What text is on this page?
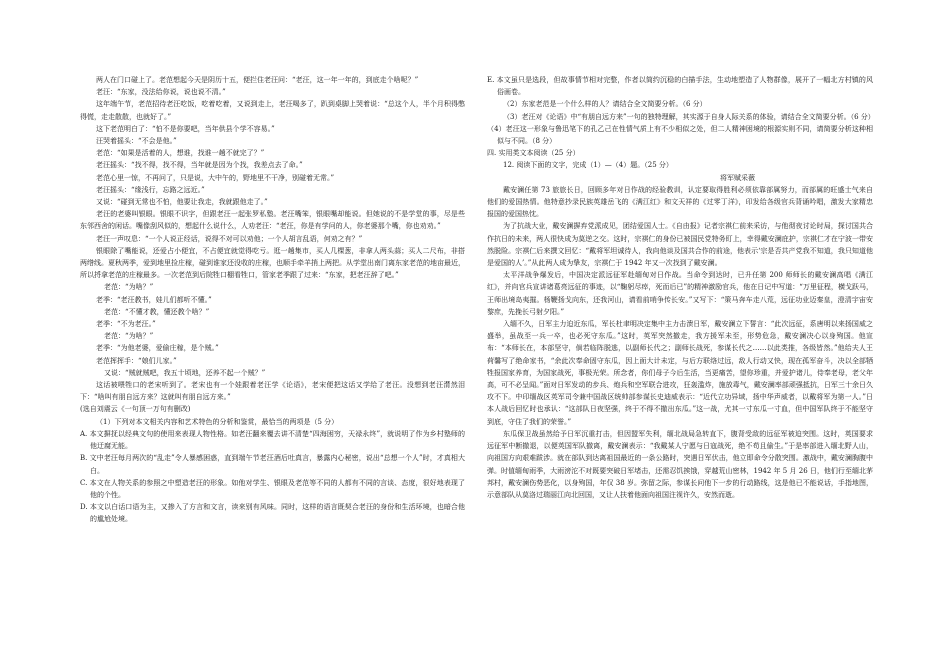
两人在门口碰上了。老范想起今天是阴历十五，便拦住老汪问：“老汪，这一年一年的，到底走个啥呢？”

老汪：“东家，没法给你说，说也说不清。”

这年端午节，老范招待老汪吃饭，吃着吃着，又说到走上，老汪喝多了，趴到桌脚上哭着说：“总这个人，半个月积得憋得慌，走走散散，也就好了。”

这下老范明白了：“怕不是你要吧，当年供县个学不容易。”

汪哭着摇头：“不会是他。”

老范：“如果是活着的人，想谁，找谁一趟不就完了？”

老汪摇头：“找不得，找不得，当年就是因为个找，我差点去了命。”

老范心里一惊，不再问了，只是说，大中午的，野地里不干净，别碰着无常。”

老汪摇头：“缘浅行，忘路之远近。”

又说：“碰到无常也不怕，他要让我走，我就跟他走了。”

老汪的老婆叫银眼。银眼不识字，但跟老汪一起张罗私塾。老汪嘴笨，银眼嘴却能说。但她说的不是学堂的事，尽是些东邻西舍的闲话。嘴像刮风似的，想起什么说什么，人劝老汪：“老汪，你是有学问的人，你老婆那个嘴，你也劝劝。”

老汪一声叹息：“一个人说正经话，说得不对可以劝他；一个人胡言乱语，何劝之有？”

银眼除了嘴能说，还爱占小便宜，不占便宜就觉得吃亏。逛一趟集市，买人几棵葱，非拿人两头蒜；买人二尺布，非搭两绺线。夏秋两季，爱到地里捡庄稼，碰到谁家还没收的庄稼，也顺手牵羊捎上两把。从学堂出南门离东家老范的地亩最近，所以捋拿老范的庄稼最多。一次老范到后院牲口棚看牲口，管家老季跟了过来：“东家，把老汪辞了吧。”

老范：“为啥？”

老季：“老汪教书，娃儿们都听不懂。”

老范：“不懂才教，懂还教个啥？”

老季：“不为老汪。”

老范：“为啥？”

老季：“为他老婆，爱偷庄稼，是个贼。”

老范挥挥手：“娘们儿家。”

又说：“贼就贼吧，我五十顷地，还养不起一个贼？”

这话被喂牲口的老宋听到了。老宋也有一个娃跟着老汪学《论语》，老宋便把这话又学给了老汪。没想到老汪潸然泪下：“啥叫有朋自远方来？这就叫有朋自远方来。”

(选自刘震云《一句顶一万句有删改)

（1）下列对本文相关内容和艺术特色的分析和鉴赏，最恰当的两项是（5 分）

A. 本文摒抚以经典文句的使用来表现人物性格。如老汪翻来覆去讲不清楚“四海困穷，天禄永终”，就说明了作为乡村塾师的他迂腐无能。

B. 文中老汪每月两次的“乱走”令人暴感困惑，直到端午节老汪酒后吐真言，暴露内心秘密，说出“总想一个人”时，才真相大白。

C. 本文在人物关系的参照之中塑造老汪的形象。如他对学生、银眼及老范等不同的人都有不同的言谈、态度，很好地表现了他的个性。

D. 本文以白话口语为主，又掺入了方言和文言，读来别有风味。同时，这样的语言既契合老汪的身份和生活环境，也暗合他的尴尬处境。

E. 本文虽只是选段，但故事情节相对完整，作者以简约沉稳的白描手法，生动地塑造了人物群像，展开了一幅北方村镇的风俗画卷。

（2）东家老范是一个什么样的人？请结合全文简要分析。（6 分）

（3）老汪对《论语》中“有朋自远方来”一句的独特理解，其实源于自身人际关系的体验，请结合全文简要分析。（6 分）

（4）老汪这一形象与鲁迅笔下的孔乙己在性情气质上有不少相似之处，但二人精神困境的根源实则不同，请简要分析这种相似与不同。（8 分）

四. 实用类文本阅读（25 分）

12. 阅读下面的文字，完成（1）—（4）题。（25 分）

将军赋采薇

戴安澜任第 73 旅旅长日，回顾多年对日作战的经验教训，认定要取得胜利必须依靠部属努力，而部属的旺盛士气来自他们的爱国热情。他特意抄录民族英雄岳飞的《满江红》和文天祥的《过零丁洋》，印发给各级官兵背诵吟唱，激发大家精忠报国的爱国热忱。

为了抗战大业，戴安澜摒弃党派成见，团结爱国人士。《自由报》记者宗祺仁前来采访，与他彻夜讨论时局，探讨国共合作抗日的未来，两人很快成为莫逆之交。这时，宗祺仁的身份已被国民党特务盯上，幸得戴安澜庇护，宗祺仁才在宁波一带安然脱险。宗祺仁后来撰文回忆：“戴将军坦诚待人，我向他谈及国共合作的前途，他表示‘宗是否共产党我不知道，我只知道他是爱国的人’。”从此两人成为挚友，宗祺仁于 1942 年又一次找到了戴安澜。

太平洋战争爆发后，中国决定派远征军赴缅甸对日作战。当命令到达时，已升任第 200 师师长的戴安澜高唱《满江红》，并向官兵宣讲诸葛亮远征的事迹，以“鞠躬尽瘁，死而后已”的精神激励官兵，他在日记中写道：“万里征程，横戈跃马，王师出境岛夷摧。杨鞭扬戈向东，还我河山，请看前哨争传长安。”又写下：“策马奔车走八荒，远征功业迈秦皇，澄清宇宙安黎庶，先挽长弓射夕阳。”

入缅不久，日军主力迫近东瓜，军长杜聿明决定集中主力击溃日军，戴安澜立下誓言：“此次远征，系唐明以来扬国威之盛举，虽战至一兵一卒，也必死守东瓜。”这时，英军突然撤走，我方援军未至，形势危急，戴安澜决心以身殉国。他宣布：“本师长在，本部坚守，倘若临阵脱逃，以副师长代之；副师长战死，参谋长代之……以此类推，各级皆然。”他给夫人王荷馨写了绝命家书，“余此次奉命固守东瓜，因上面大计未定，与后方联络过远，敌人行动又快，现在孤军奋斗，决以全部牺牲报国家养育，为国家战死，事极光荣。所念者，你们母子今后生活，当更痛苦，望你珍重，并爱护诸儿，侍奉老母，老父年高，可不必呈闻。”面对日军发动的步兵、炮兵和空军联合进攻，狂轰滥炸，施放毒气，戴安澜率部顽强抵抗，日军三十余日久攻不下。中印缅战区英军司令兼中国战区统帅部参谋长史迪威表示：“近代立功异域，扬中华声威者，以戴将军为第一人。”日本人战后回忆时也承认：“这部队日夜坚强，终于不得不撤出东瓜。”这一战，尤其一寸东瓜一寸血，但中国军队终于不能坚守到底，守住了我们的荣誉。”

东瓜保卫战虽然给予日军沉重打击，但因盟军失利，缅北战局急转直下，腹背受敌的远征军被迫突围。这时，英国要求远征军中断撤退，以便英国军队撤离，戴安澜表示：“我戴某人宁愿与日寇战死，绝不苟且偷生。”于是率部进入缅北野人山，向祖国方向艰难跋涉。就在部队到达离祖国最近的一条公路时，突遇日军伏击，他立即命令分散突围。激战中，戴安澜胸腹中弹。时值缅甸雨季，大雨滂沱不对既要突破日军堵击，还需忍饥挨饿，穿越荒山密林，1942 年 5 月 26 日，他们行至缅北茅邦村，戴安澜伤势恶化，以身殉国，年仅 38 岁。弥留之际，参谋长问他下一步的行动路线，这是他已不能说话，手指地图，示意部队从莫洛过瑞丽江向北回国，又让人扶着他面向祖国注视许久，安然而逝。
